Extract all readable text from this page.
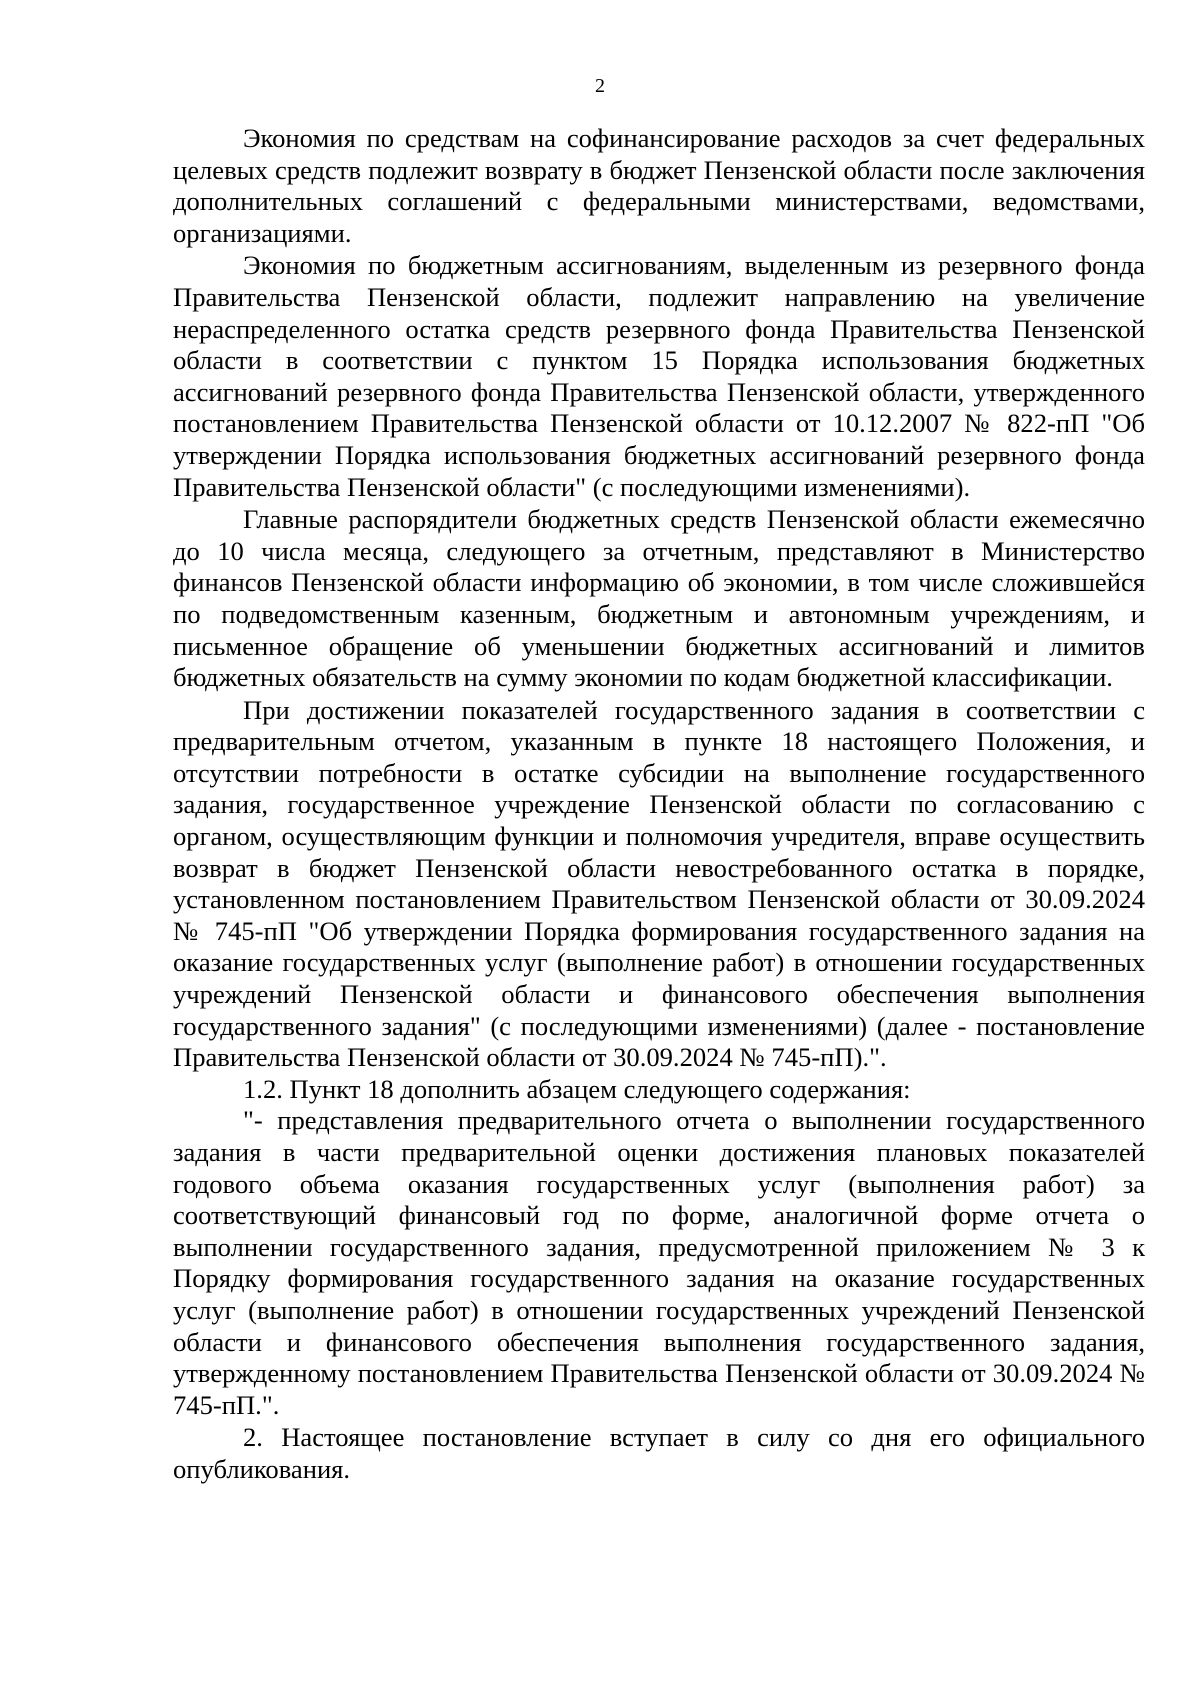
2

Экономия по средствам на софинансирование расходов за счет федеральных целевых средств подлежит возврату в бюджет Пензенской области после заключения дополнительных соглашений с федеральными министерствами, ведомствами, организациями.

Экономия по бюджетным ассигнованиям, выделенным из резервного фонда Правительства Пензенской области, подлежит направлению на увеличение нераспределенного остатка средств резервного фонда Правительства Пензенской области в соответствии с пунктом 15 Порядка использования бюджетных ассигнований резервного фонда Правительства Пензенской области, утвержденного постановлением Правительства Пензенской области от 10.12.2007 № 822-пП "Об утверждении Порядка использования бюджетных ассигнований резервного фонда Правительства Пензенской области" (с последующими изменениями).

Главные распорядители бюджетных средств Пензенской области ежемесячно до 10 числа месяца, следующего за отчетным, представляют в Министерство финансов Пензенской области информацию об экономии, в том числе сложившейся по подведомственным казенным, бюджетным и автономным учреждениям, и письменное обращение об уменьшении бюджетных ассигнований и лимитов бюджетных обязательств на сумму экономии по кодам бюджетной классификации.

При достижении показателей государственного задания в соответствии с предварительным отчетом, указанным в пункте 18 настоящего Положения, и отсутствии потребности в остатке субсидии на выполнение государственного задания, государственное учреждение Пензенской области по согласованию с органом, осуществляющим функции и полномочия учредителя, вправе осуществить возврат в бюджет Пензенской области невостребованного остатка в порядке, установленном постановлением Правительством Пензенской области от 30.09.2024 № 745-пП "Об утверждении Порядка формирования государственного задания на оказание государственных услуг (выполнение работ) в отношении государственных учреждений Пензенской области и финансового обеспечения выполнения государственного задания" (с последующими изменениями) (далее - постановление Правительства Пензенской области от 30.09.2024 № 745-пП).".

1.2. Пункт 18 дополнить абзацем следующего содержания:

"- представления предварительного отчета о выполнении государственного задания в части предварительной оценки достижения плановых показателей годового объема оказания государственных услуг (выполнения работ) за соответствующий финансовый год по форме, аналогичной форме отчета о выполнении государственного задания, предусмотренной приложением № 3 к Порядку формирования государственного задания на оказание государственных услуг (выполнение работ) в отношении государственных учреждений Пензенской области и финансового обеспечения выполнения государственного задания, утвержденному постановлением Правительства Пензенской области от 30.09.2024 № 745-пП.".

2. Настоящее постановление вступает в силу со дня его официального опубликования.
